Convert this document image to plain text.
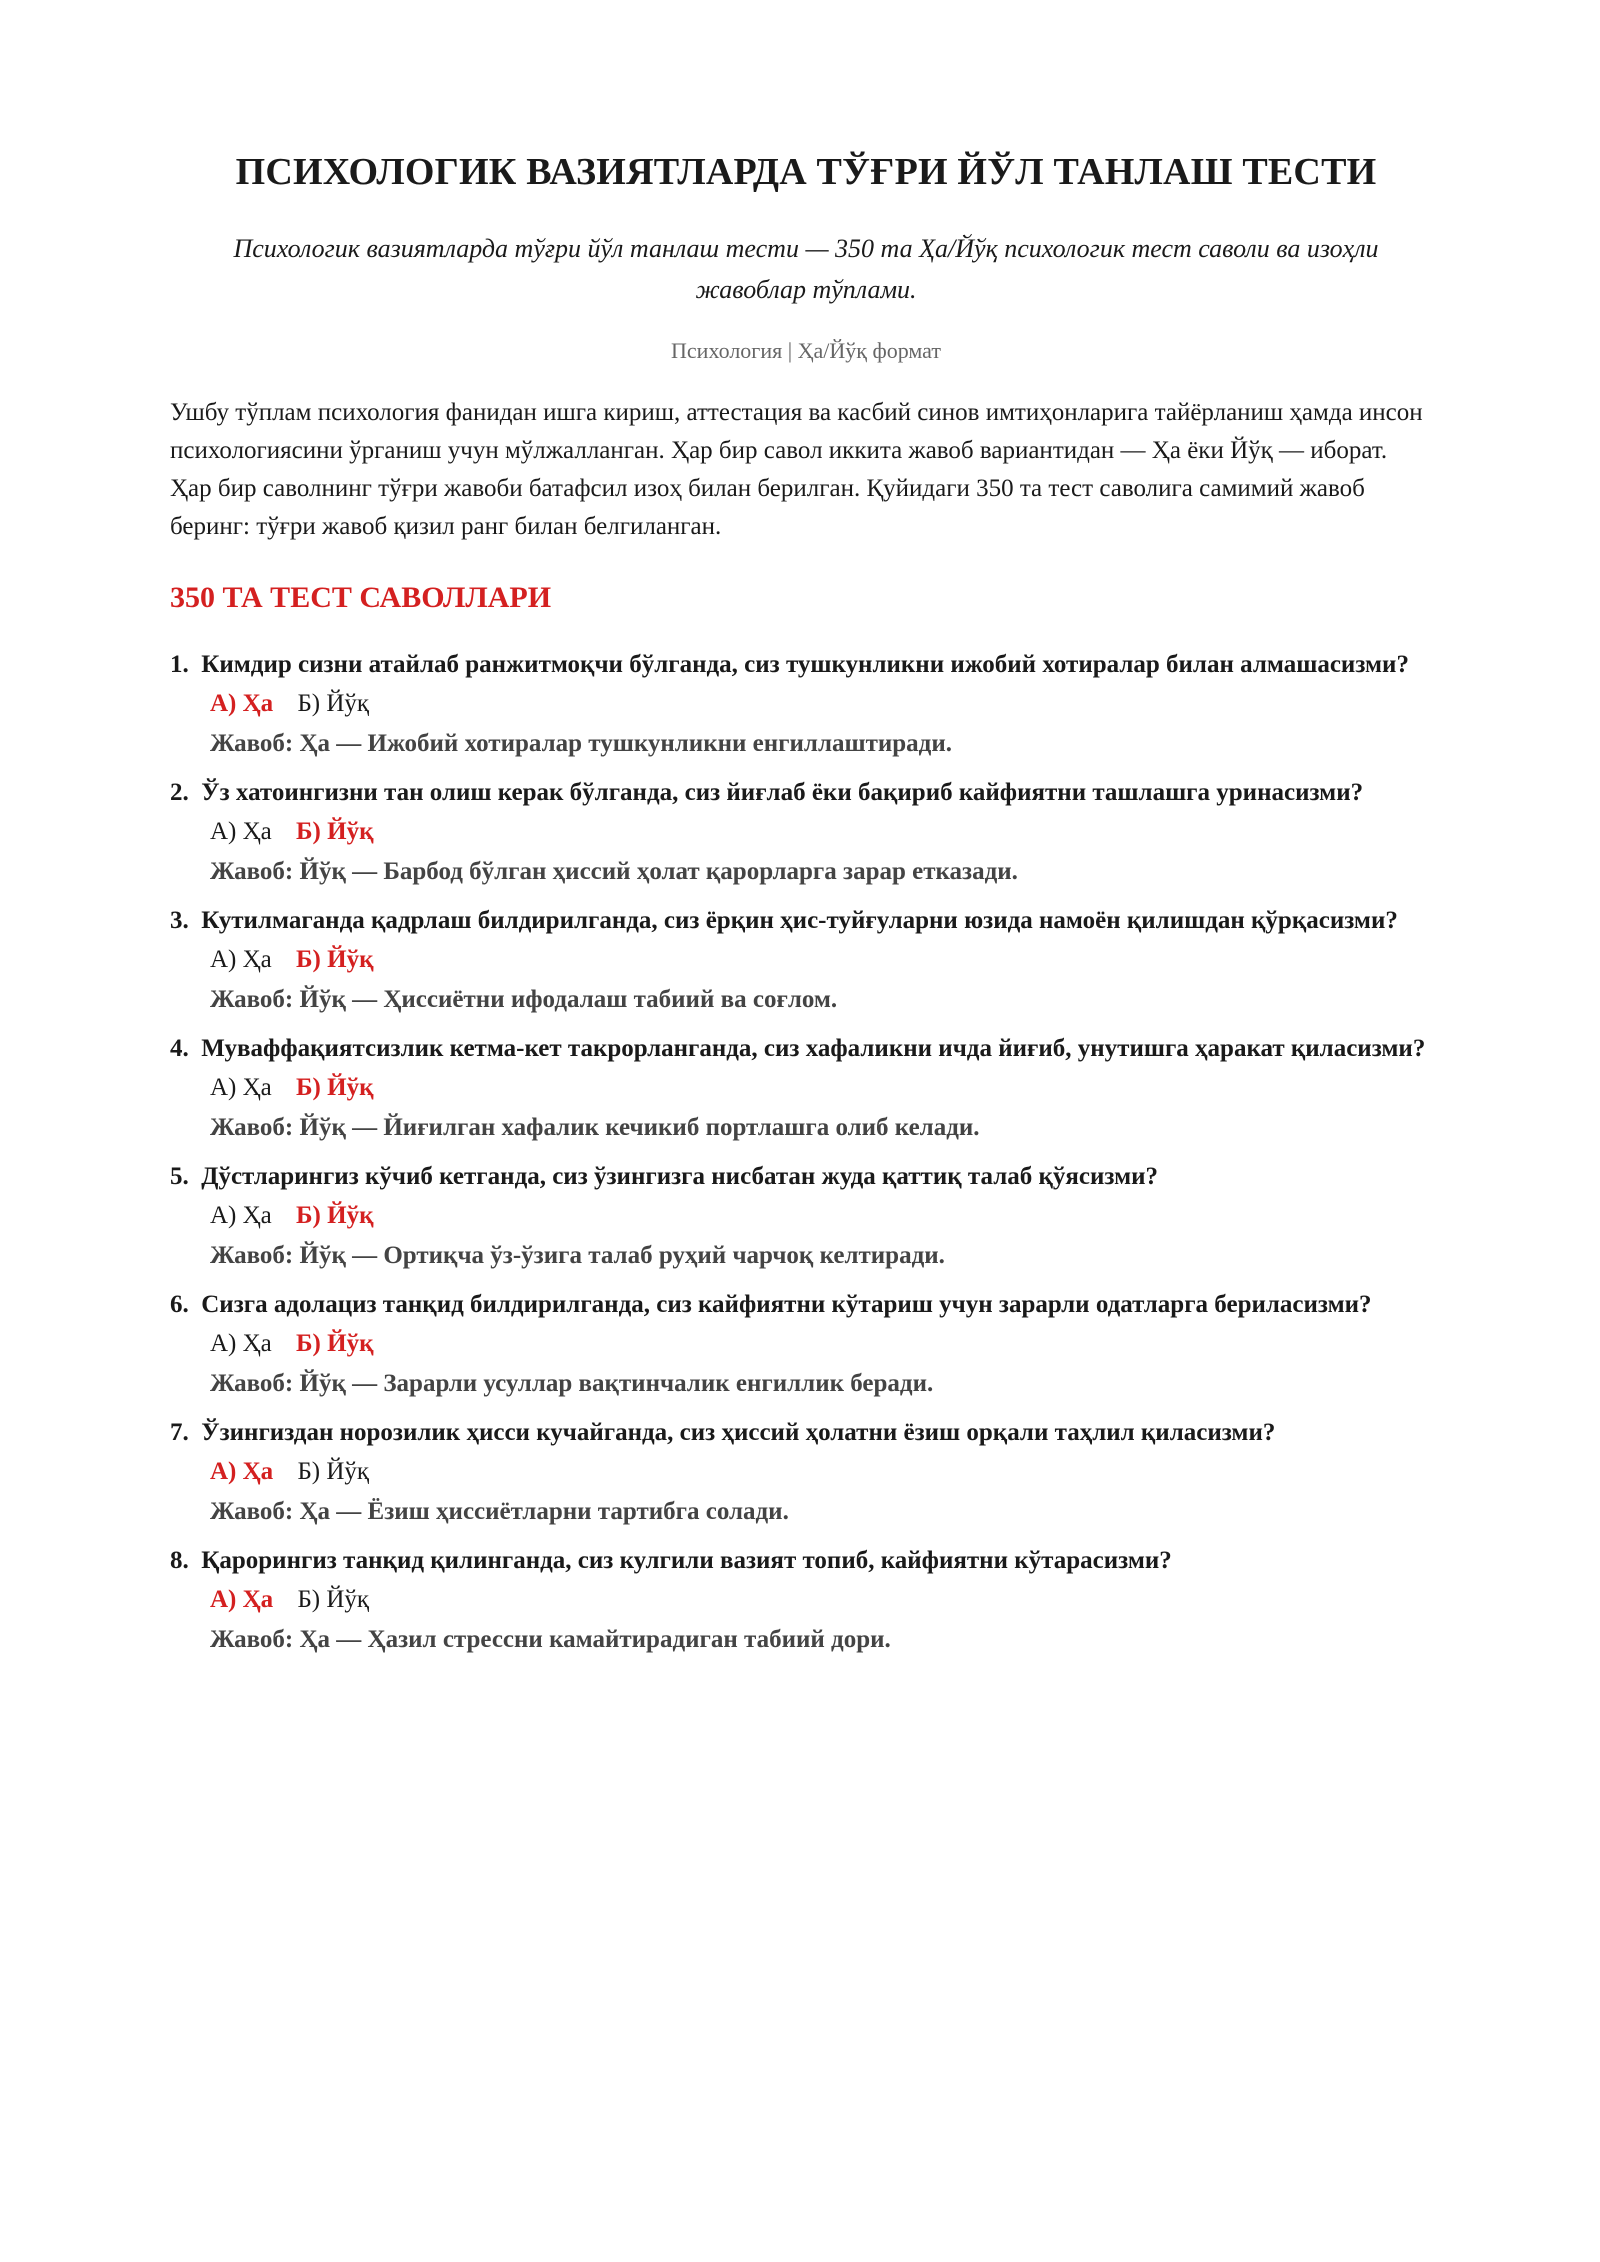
ПСИХОЛОГИК ВАЗИЯТЛАРДА ТЎҒРИ ЙЎЛ ТАНЛАШ ТЕСТИ

Психологик вазиятларда тўғри йўл танлаш тести — 350 та Ҳа/Йўқ психологик тест саволи ва изоҳли жавоблар тўплами.

Психология | Ҳа/Йўқ формат

Ушбу тўплам психология фанидан ишга кириш, аттестация ва касбий синов имтиҳонларига тайёрланиш ҳамда инсон психологиясини ўрганиш учун мўлжалланган. Ҳар бир савол иккита жавоб вариантидан — Ҳа ёки Йўқ — иборат. Ҳар бир саволнинг тўғри жавоби батафсил изоҳ билан берилган. Қуйидаги 350 та тест саволига самимий жавоб беринг: тўғри жавоб қизил ранг билан белгиланган.

350 ТА ТЕСТ САВОЛЛАРИ

1. Кимдир сизни атайлаб ранжитмоқчи бўлганда, сиз тушкунликни ижобий хотиралар билан алмашасизми?

А) Ҳа Б) Йўқ

Жавоб: Ҳа — Ижобий хотиралар тушкунликни енгиллаштиради.

2. Ўз хатоингизни тан олиш керак бўлганда, сиз йиғлаб ёки бақириб кайфиятни ташлашга уринасизми?

А) Ҳа Б) Йўқ

Жавоб: Йўқ — Барбод бўлган ҳиссий ҳолат қарорларга зарар етказади.

3. Кутилмаганда қадрлаш билдирилганда, сиз ёрқин ҳис-туйғуларни юзида намоён қилишдан қўрқасизми?

А) Ҳа Б) Йўқ

Жавоб: Йўқ — Ҳиссиётни ифодалаш табиий ва соғлом.

4. Муваффақиятсизлик кетма-кет такрорланганда, сиз хафаликни ичда йиғиб, унутишга ҳаракат қиласизми?

А) Ҳа Б) Йўқ

Жавоб: Йўқ — Йиғилган хафалик кечикиб портлашга олиб келади.

5. Дўстларингиз кўчиб кетганда, сиз ўзингизга нисбатан жуда қаттиқ талаб қўясизми?

А) Ҳа Б) Йўқ

Жавоб: Йўқ — Ортиқча ўз-ўзига талаб руҳий чарчоқ келтиради.

6. Сизга адолациз танқид билдирилганда, сиз кайфиятни кўтариш учун зарарли одатларга бериласизми?

А) Ҳа Б) Йўқ

Жавоб: Йўқ — Зарарли усуллар вақтинчалик енгиллик беради.

7. Ўзингиздан норозилик ҳисси кучайганда, сиз ҳиссий ҳолатни ёзиш орқали таҳлил қиласизми?

А) Ҳа Б) Йўқ

Жавоб: Ҳа — Ёзиш ҳиссиётларни тартибга солади.

8. Қарорингиз танқид қилинганда, сиз кулгили вазият топиб, кайфиятни кўтарасизми?

А) Ҳа Б) Йўқ

Жавоб: Ҳа — Ҳазил стрессни камайтирадиган табиий дори.
